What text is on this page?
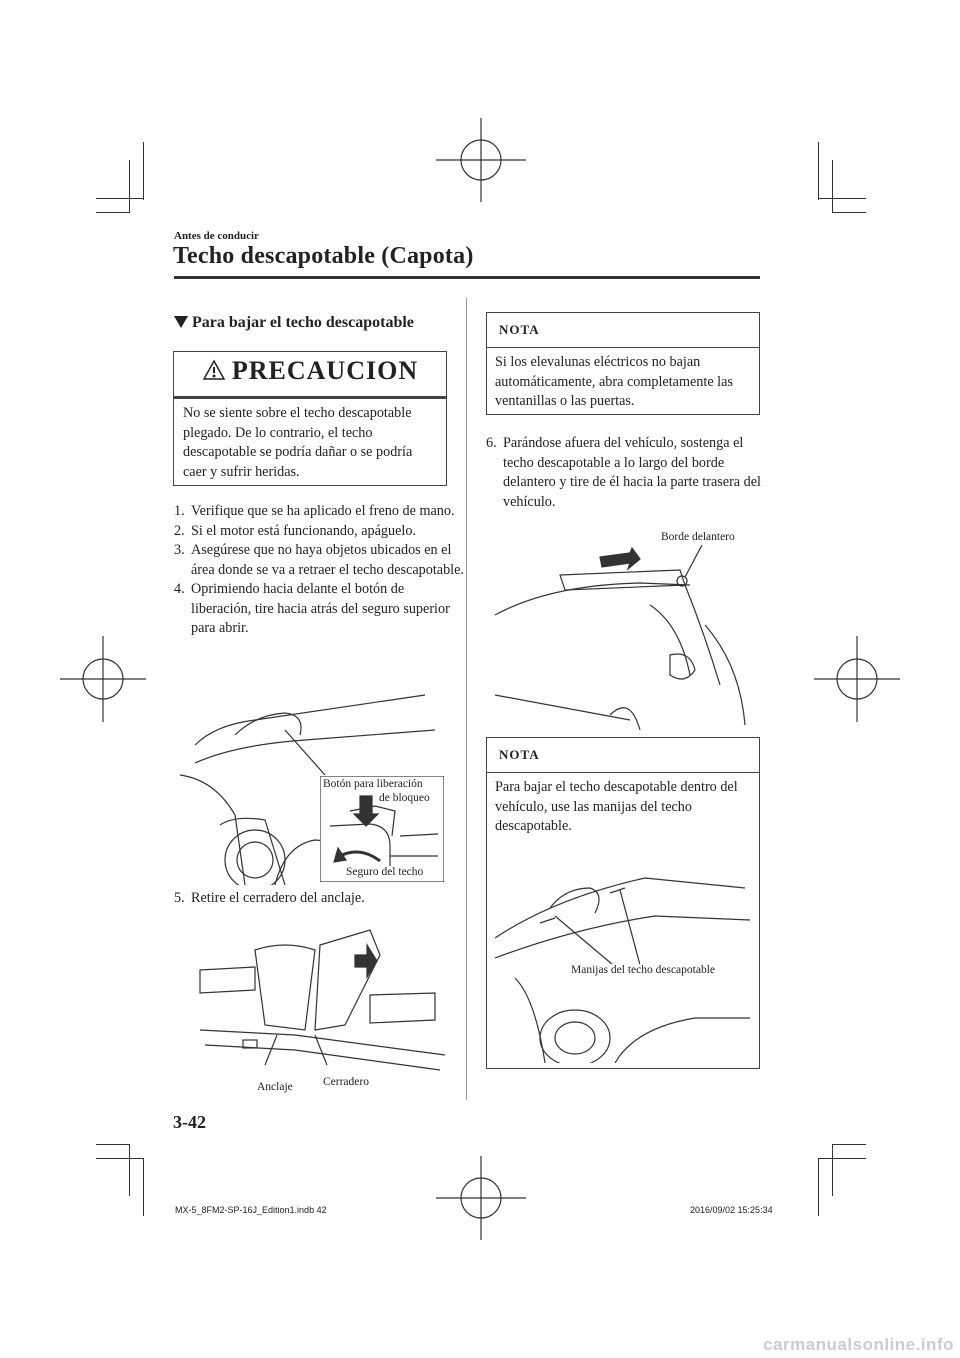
Antes de conducir
Techo descapotable (Capota)
Para bajar el techo descapotable
PRECAUCION
No se siente sobre el techo descapotable plegado. De lo contrario, el techo descapotable se podría dañar o se podría caer y sufrir heridas.
1. Verifique que se ha aplicado el freno de mano.
2. Si el motor está funcionando, apáguelo.
3. Asegúrese que no haya objetos ubicados en el área donde se va a retraer el techo descapotable.
4. Oprimiendo hacia delante el botón de liberación, tire hacia atrás del seguro superior para abrir.
Botón para liberación
de bloqueo
Seguro del techo
5. Retire el cerradero del anclaje.
Anclaje	Cerradero
NOTA
Si los elevalunas eléctricos no bajan automáticamente, abra completamente las ventanillas o las puertas.
6. Parándose afuera del vehículo, sostenga el techo descapotable a lo largo del borde delantero y tire de él hacia la parte trasera del vehículo.
Borde delantero
NOTA
Para bajar el techo descapotable dentro del vehículo, use las manijas del techo descapotable.
Manijas del techo descapotable
3-42
MX-5_8FM2-SP-16J_Edition1.indb 42	2016/09/02 15:25:34
carmanualsonline.info
